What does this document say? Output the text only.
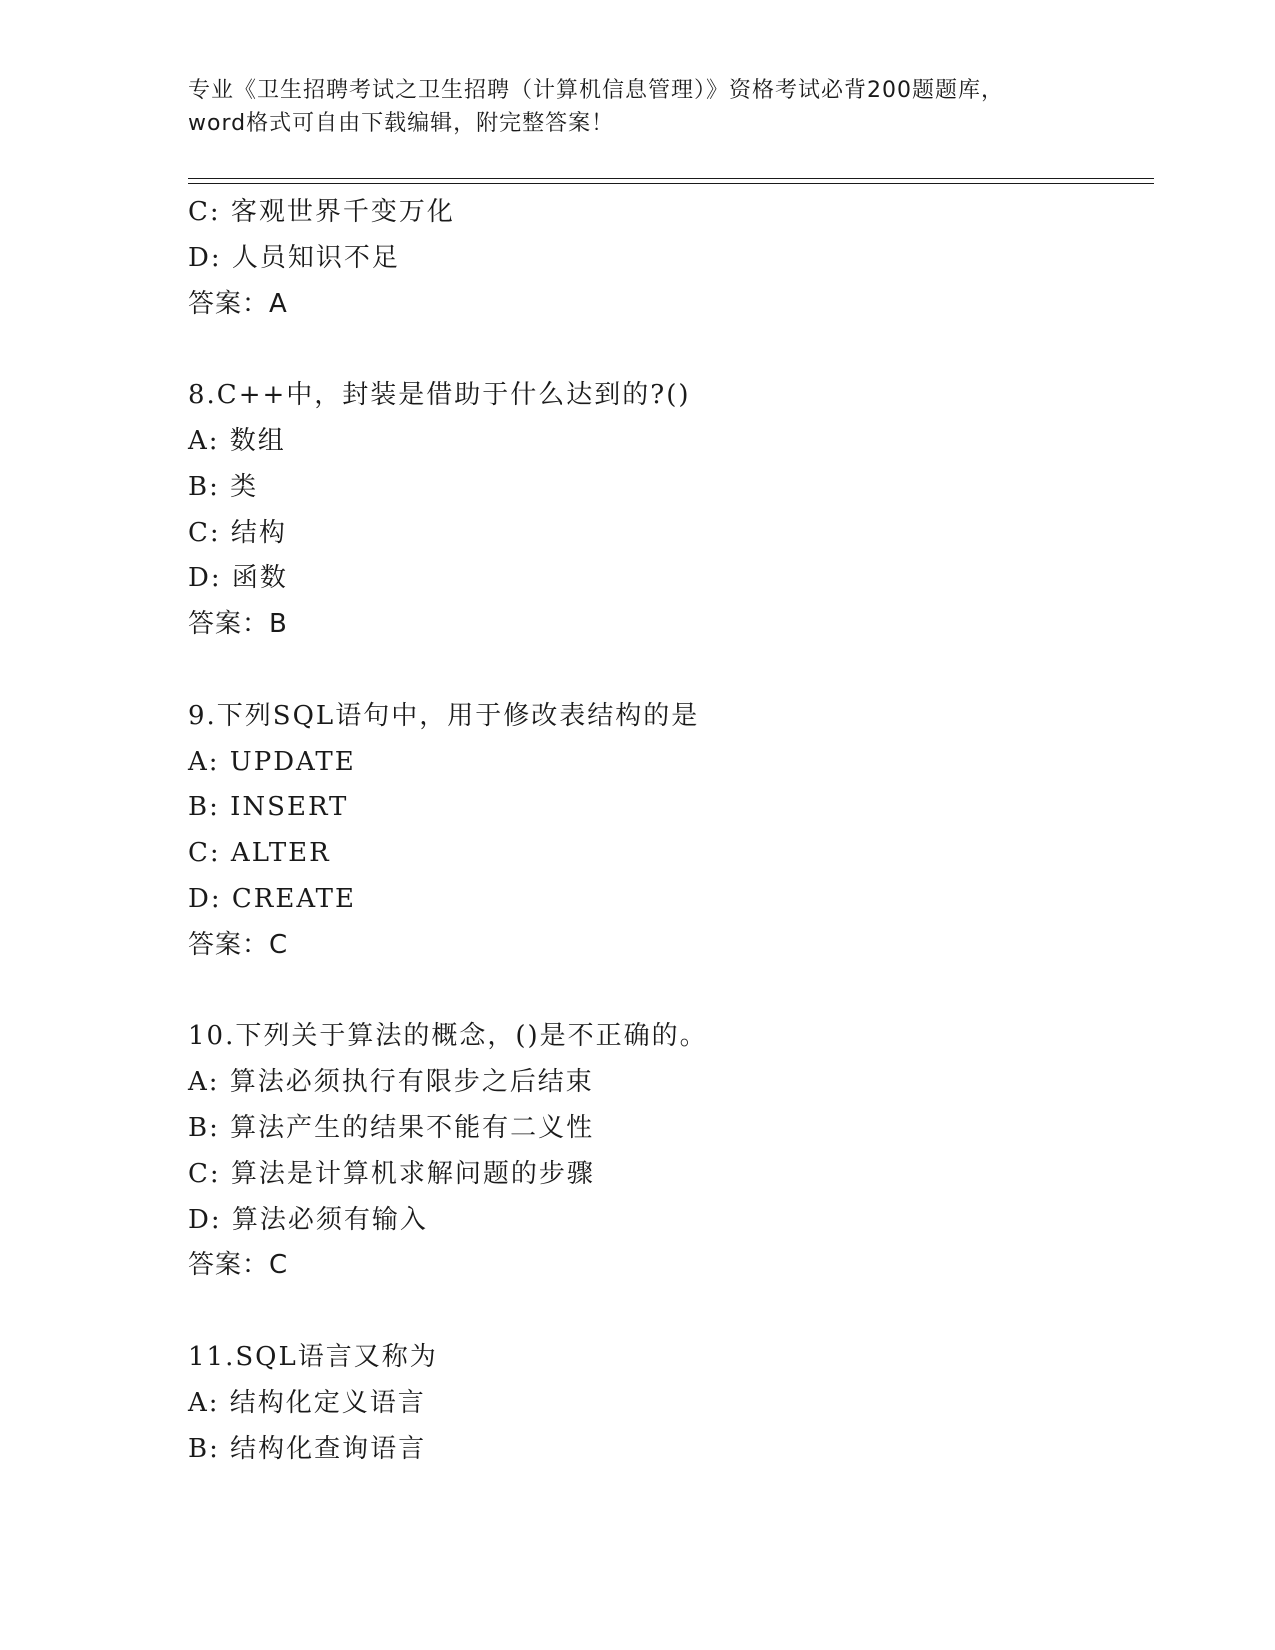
专业《卫生招聘考试之卫生招聘（计算机信息管理）》资格考试必背200题题库，
word格式可自由下载编辑，附完整答案！
C: 客观世界千变万化
D: 人员知识不足
答案：A
8.C++中，封装是借助于什么达到的?()
A: 数组
B: 类
C: 结构
D: 函数
答案：B
9.下列SQL语句中，用于修改表结构的是
A: UPDATE
B: INSERT
C: ALTER
D: CREATE
答案：C
10.下列关于算法的概念，()是不正确的。
A: 算法必须执行有限步之后结束
B: 算法产生的结果不能有二义性
C: 算法是计算机求解问题的步骤
D: 算法必须有输入
答案：C
11.SQL语言又称为
A: 结构化定义语言
B: 结构化查询语言
